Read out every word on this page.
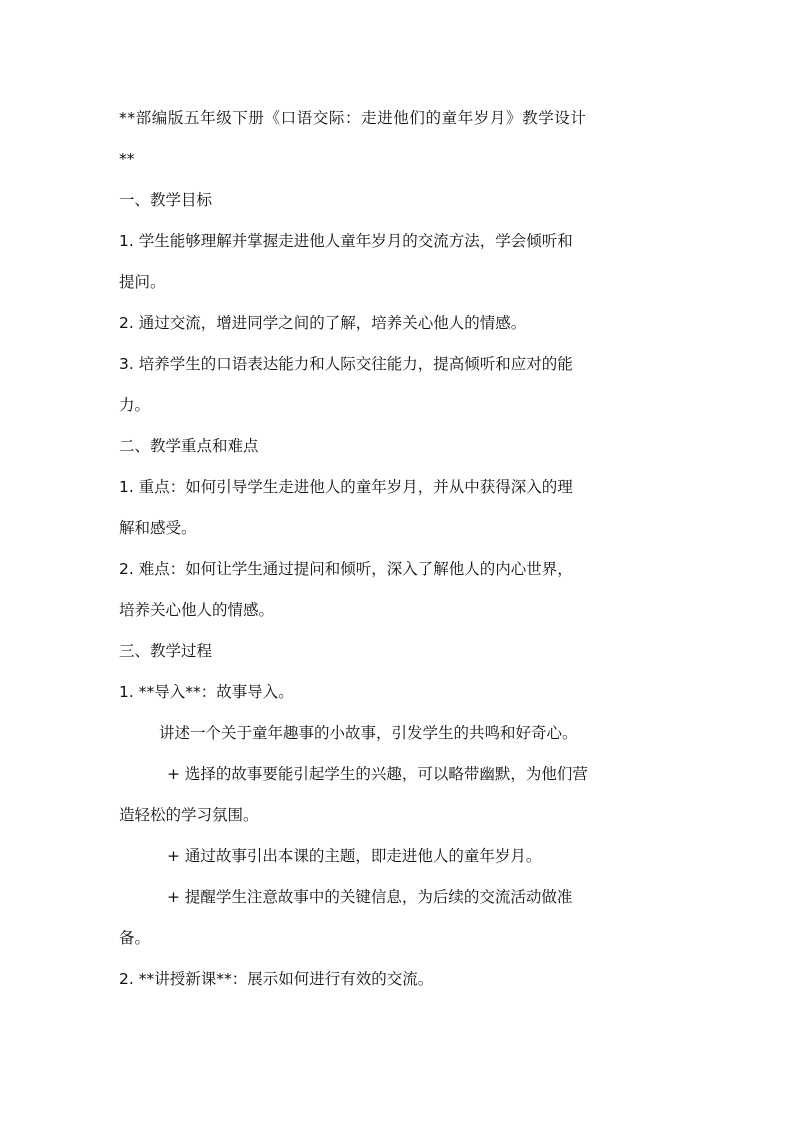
**部编版五年级下册《口语交际：走进他们的童年岁月》教学设计

**

一、教学目标

1. 学生能够理解并掌握走进他人童年岁月的交流方法，学会倾听和

提问。

2. 通过交流，增进同学之间的了解，培养关心他人的情感。

3. 培养学生的口语表达能力和人际交往能力，提高倾听和应对的能

力。

二、教学重点和难点

1. 重点：如何引导学生走进他人的童年岁月，并从中获得深入的理

解和感受。

2. 难点：如何让学生通过提问和倾听，深入了解他人的内心世界，

培养关心他人的情感。

三、教学过程

1. **导入**：故事导入。

讲述一个关于童年趣事的小故事，引发学生的共鸣和好奇心。

+ 选择的故事要能引起学生的兴趣，可以略带幽默，为他们营

造轻松的学习氛围。

+ 通过故事引出本课的主题，即走进他人的童年岁月。

+ 提醒学生注意故事中的关键信息，为后续的交流活动做准

备。

2. **讲授新课**：展示如何进行有效的交流。
